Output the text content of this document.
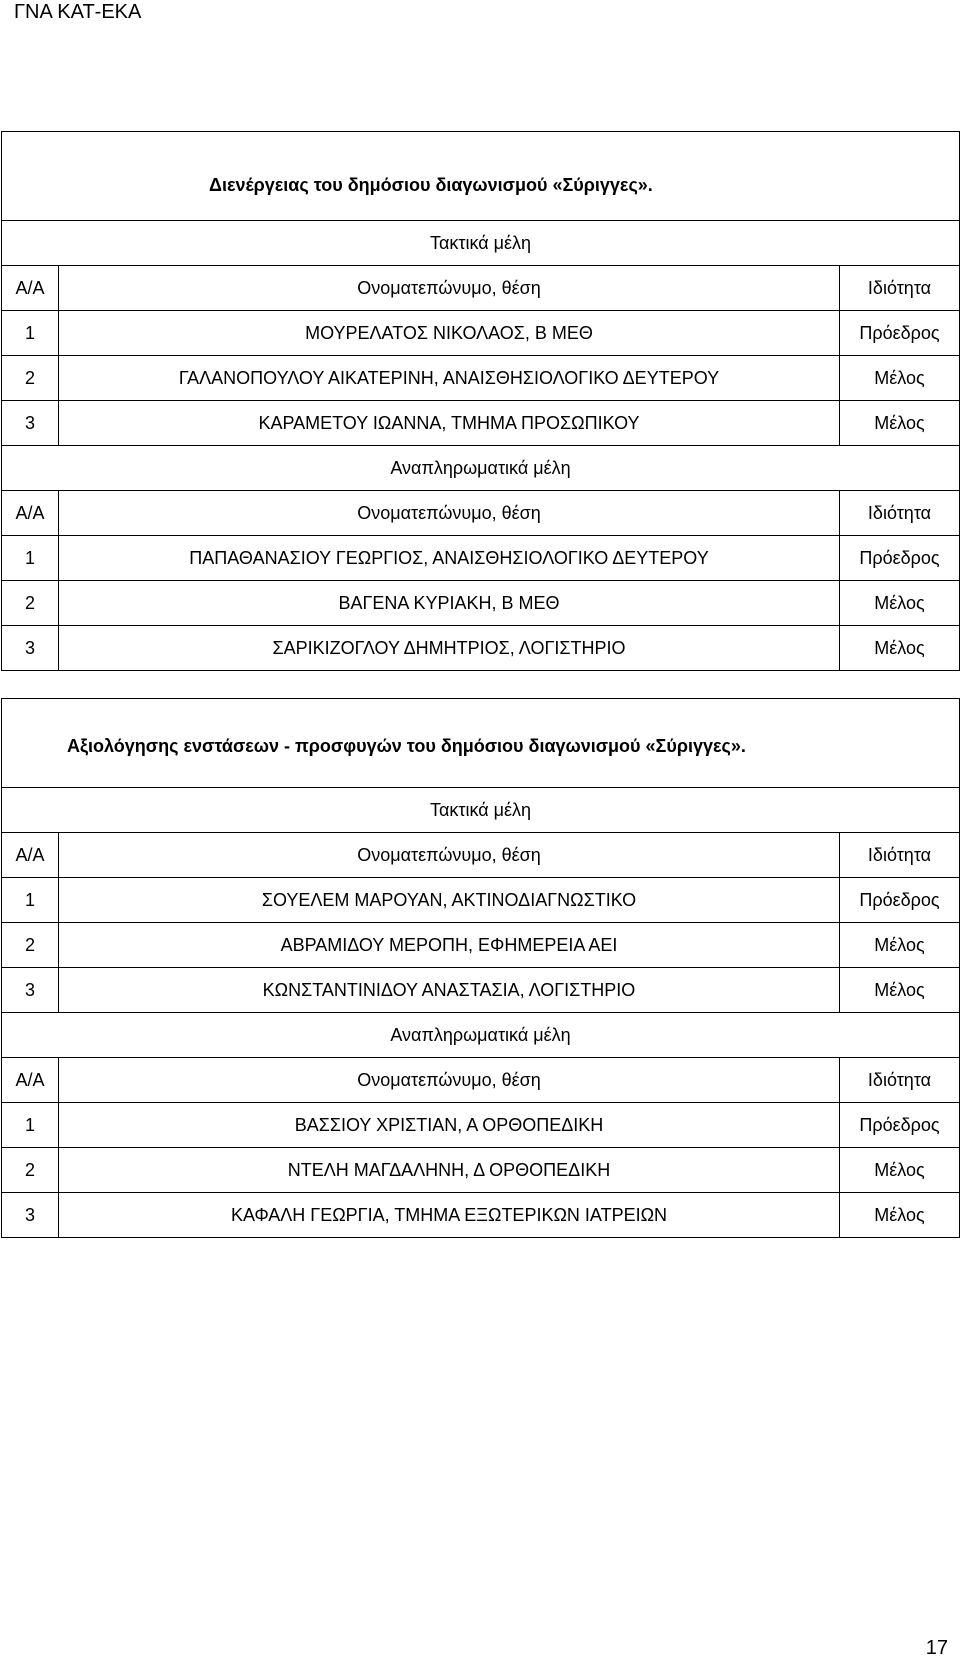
ΓΝΑ ΚΑΤ-ΕΚΑ
Διενέργειας του δημόσιου διαγωνισμού «Σύριγγες».		
Τακτικά μέλη		
Α/Α	Ονοματεπώνυμο, θέση	Ιδιότητα
1	ΜΟΥΡΕΛΑΤΟΣ ΝΙΚΟΛΑΟΣ, Β ΜΕΘ	Πρόεδρος
2	ΓΑΛΑΝΟΠΟΥΛΟΥ ΑΙΚΑΤΕΡΙΝΗ, ΑΝΑΙΣΘΗΣΙΟΛΟΓΙΚΟ ΔΕΥΤΕΡΟΥ	Μέλος
3	ΚΑΡΑΜΕΤΟΥ ΙΩΑΝΝΑ, ΤΜΗΜΑ ΠΡΟΣΩΠΙΚΟΥ	Μέλος
Αναπληρωματικά μέλη		
Α/Α	Ονοματεπώνυμο, θέση	Ιδιότητα
1	ΠΑΠΑΘΑΝΑΣΙΟΥ ΓΕΩΡΓΙΟΣ, ΑΝΑΙΣΘΗΣΙΟΛΟΓΙΚΟ ΔΕΥΤΕΡΟΥ	Πρόεδρος
2	ΒΑΓΕΝΑ ΚΥΡΙΑΚΗ, Β ΜΕΘ	Μέλος
3	ΣΑΡΙΚΙΖΟΓΛΟΥ ΔΗΜΗΤΡΙΟΣ, ΛΟΓΙΣΤΗΡΙΟ	Μέλος
Αξιολόγησης ενστάσεων - προσφυγών του δημόσιου διαγωνισμού «Σύριγγες».		
Τακτικά μέλη		
Α/Α	Ονοματεπώνυμο, θέση	Ιδιότητα
1	ΣΟΥΕΛΕΜ ΜΑΡΟΥΑΝ, ΑΚΤΙΝΟΔΙΑΓΝΩΣΤΙΚΟ	Πρόεδρος
2	ΑΒΡΑΜΙΔΟΥ ΜΕΡΟΠΗ, ΕΦΗΜΕΡΕΙΑ ΑΕΙ	Μέλος
3	ΚΩΝΣΤΑΝΤΙΝΙΔΟΥ ΑΝΑΣΤΑΣΙΑ, ΛΟΓΙΣΤΗΡΙΟ	Μέλος
Αναπληρωματικά μέλη		
Α/Α	Ονοματεπώνυμο, θέση	Ιδιότητα
1	ΒΑΣΣΙΟΥ ΧΡΙΣΤΙΑΝ, Α ΟΡΘΟΠΕΔΙΚΗ	Πρόεδρος
2	ΝΤΕΛΗ ΜΑΓΔΑΛΗΝΗ, Δ ΟΡΘΟΠΕΔΙΚΗ	Μέλος
3	ΚΑΦΑΛΗ ΓΕΩΡΓΙΑ, ΤΜΗΜΑ ΕΞΩΤΕΡΙΚΩΝ ΙΑΤΡΕΙΩΝ	Μέλος
17
